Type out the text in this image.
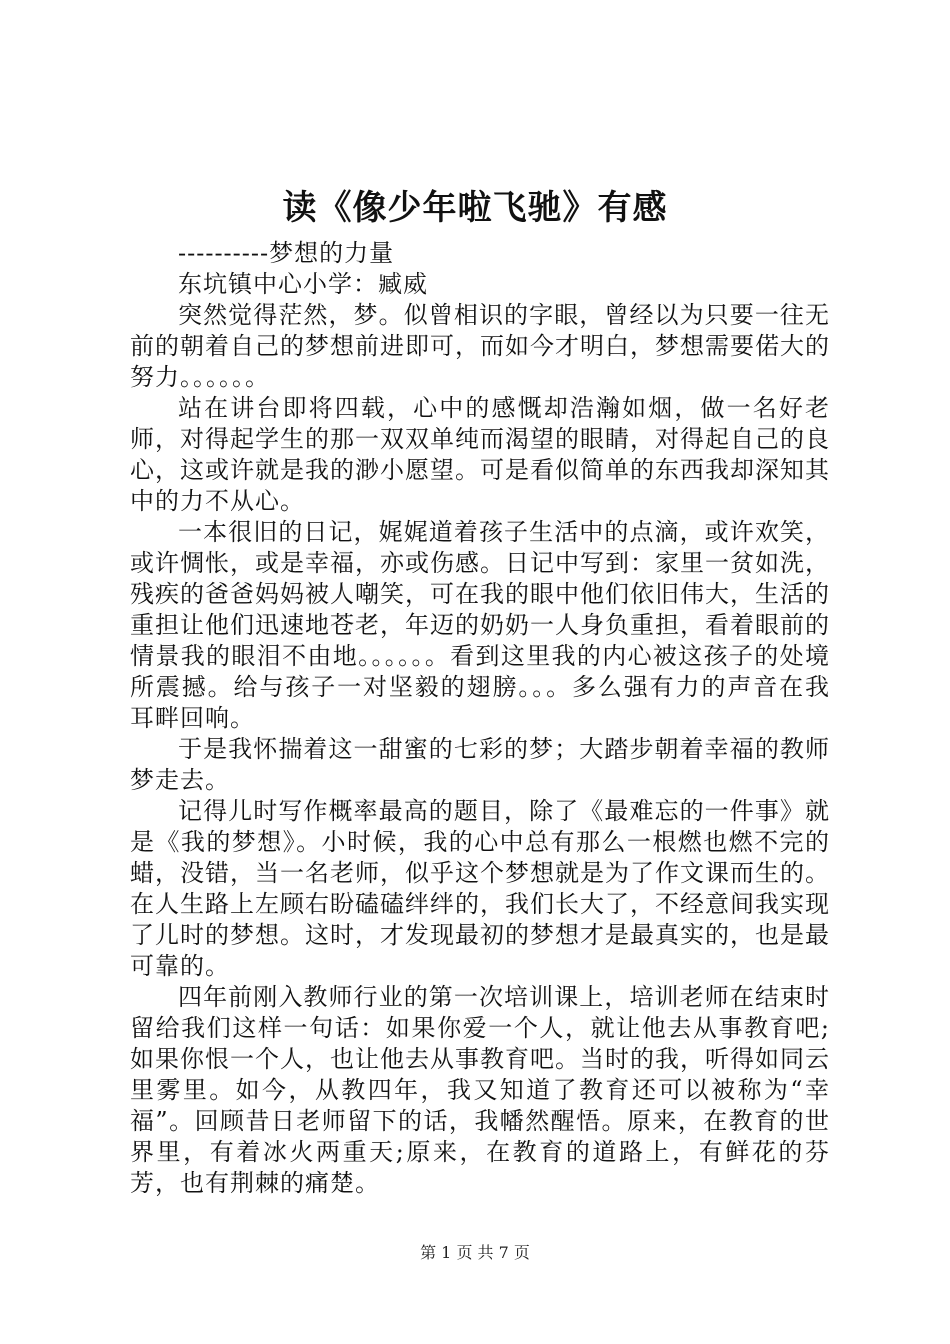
读《像少年啦飞驰》有感

----------梦想的力量

东坑镇中心小学：臧威

突然觉得茫然，梦。似曾相识的字眼，曾经以为只要一往无前的朝着自己的梦想前进即可，而如今才明白，梦想需要偌大的努力。。。。。。

站在讲台即将四载，心中的感慨却浩瀚如烟，做一名好老师，对得起学生的那一双双单纯而渴望的眼睛，对得起自己的良心，这或许就是我的渺小愿望。可是看似简单的东西我却深知其中的力不从心。

一本很旧的日记，娓娓道着孩子生活中的点滴，或许欢笑，或许惆怅，或是幸福，亦或伤感。日记中写到：家里一贫如洗，残疾的爸爸妈妈被人嘲笑，可在我的眼中他们依旧伟大，生活的重担让他们迅速地苍老，年迈的奶奶一人身负重担，看着眼前的情景我的眼泪不由地。。。。。。看到这里我的内心被这孩子的处境所震撼。给与孩子一对坚毅的翅膀。。。多么强有力的声音在我耳畔回响。

于是我怀揣着这一甜蜜的七彩的梦；大踏步朝着幸福的教师梦走去。

记得儿时写作概率最高的题目，除了《最难忘的一件事》就是《我的梦想》。小时候，我的心中总有那么一根燃也燃不完的蜡，没错，当一名老师，似乎这个梦想就是为了作文课而生的。在人生路上左顾右盼磕磕绊绊的，我们长大了，不经意间我实现了儿时的梦想。这时，才发现最初的梦想才是最真实的，也是最可靠的。

四年前刚入教师行业的第一次培训课上，培训老师在结束时留给我们这样一句话：如果你爱一个人，就让他去从事教育吧;如果你恨一个人，也让他去从事教育吧。当时的我，听得如同云里雾里。如今，从教四年，我又知道了教育还可以被称为“幸福”。回顾昔日老师留下的话，我幡然醒悟。原来，在教育的世界里，有着冰火两重天;原来，在教育的道路上，有鲜花的芬芳，也有荆棘的痛楚。

第 1 页 共 7 页
